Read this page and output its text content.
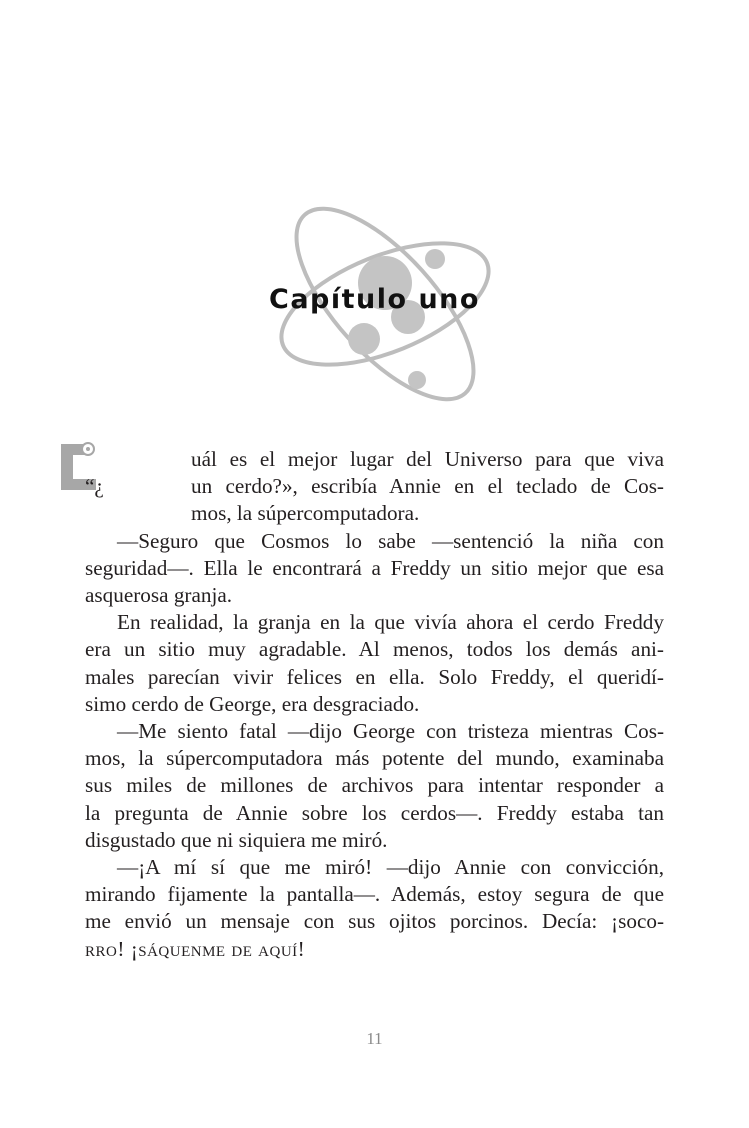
Capítulo uno

uál es el mejor lugar del Universo para que viva

“¿	un cerdo?», escribía Annie en el teclado de Cos-

mos, la súpercomputadora.

—Seguro que Cosmos lo sabe —sentenció la niña con

seguridad—. Ella le encontrará a Freddy un sitio mejor que esa

asquerosa granja.

En realidad, la granja en la que vivía ahora el cerdo Freddy

era un sitio muy agradable. Al menos, todos los demás ani-

males parecían vivir felices en ella. Solo Freddy, el queridí-

simo cerdo de George, era desgraciado.

—Me siento fatal —dijo George con tristeza mientras Cos-

mos, la súpercomputadora más potente del mundo, examinaba

sus miles de millones de archivos para intentar responder a

la pregunta de Annie sobre los cerdos—. Freddy estaba tan

disgustado que ni siquiera me miró.

—¡A mí sí que me miró! —dijo Annie con convicción,

mirando fijamente la pantalla—. Además, estoy segura de que

me envió un mensaje con sus ojitos porcinos. Decía: ¡soco-

rro! ¡sáquenme de aquí!

11
